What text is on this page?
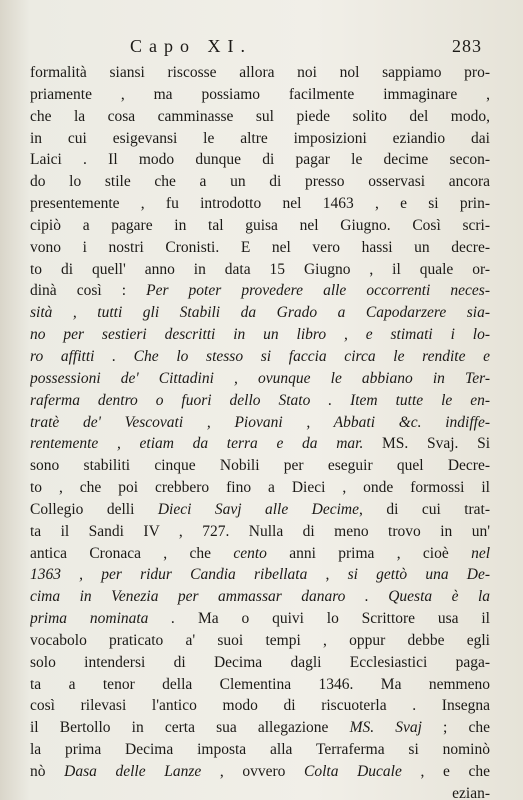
Capo XI.	283
formalità siansi riscosse allora noi nol sappiamo pro-
priamente , ma possiamo facilmente immaginare ,
che la cosa camminasse sul piede solito del modo,
in cui esigevansi le altre imposizioni eziandio dai
Laici . Il modo dunque di pagar le decime secon-
do lo stile che a un di presso osservasi ancora
presentemente , fu introdotto nel 1463 , e si prin-
cipiò a pagare in tal guisa nel Giugno. Così scri-
vono i nostri Cronisti. E nel vero hassi un decre-
to di quell' anno in data 15 Giugno , il quale or-
dinà così : Per poter provedere alle occorrenti neces-
sità , tutti gli Stabili da Grado a Capodarzere sia-
no per sestieri descritti in un libro , e stimati i lo-
ro affitti . Che lo stesso si faccia circa le rendite e
possessioni de' Cittadini , ovunque le abbiano in Ter-
raferma dentro o fuori dello Stato . Item tutte le en-
tratè de' Vescovati , Piovani , Abbati &c. indiffe-
rentemente , etiam da terra e da mar. MS. Svaj. Si
sono stabiliti cinque Nobili per eseguir quel Decre-
to , che poi crebbero fino a Dieci , onde formossi il
Collegio delli Dieci Savj alle Decime, di cui trat-
ta il Sandi IV , 727. Nulla di meno trovo in un'
antica Cronaca , che cento anni prima , cioè nel
1363 , per ridur Candia ribellata , si gettò una De-
cima in Venezia per ammassar danaro . Questa è la
prima nominata . Ma o quivi lo Scrittore usa il
vocabolo praticato a' suoi tempi , oppur debbe egli
solo intendersi di Decima dagli Ecclesiastici paga-
ta a tenor della Clementina 1346. Ma nemmeno
così rilevasi l'antico modo di riscuoterla . Insegna
il Bertollo in certa sua allegazione MS. Svaj ; che
la prima Decima imposta alla Terraferma si nominò
nò Dasa delle Lanze , ovvero Colta Ducale , e che
ezian-
